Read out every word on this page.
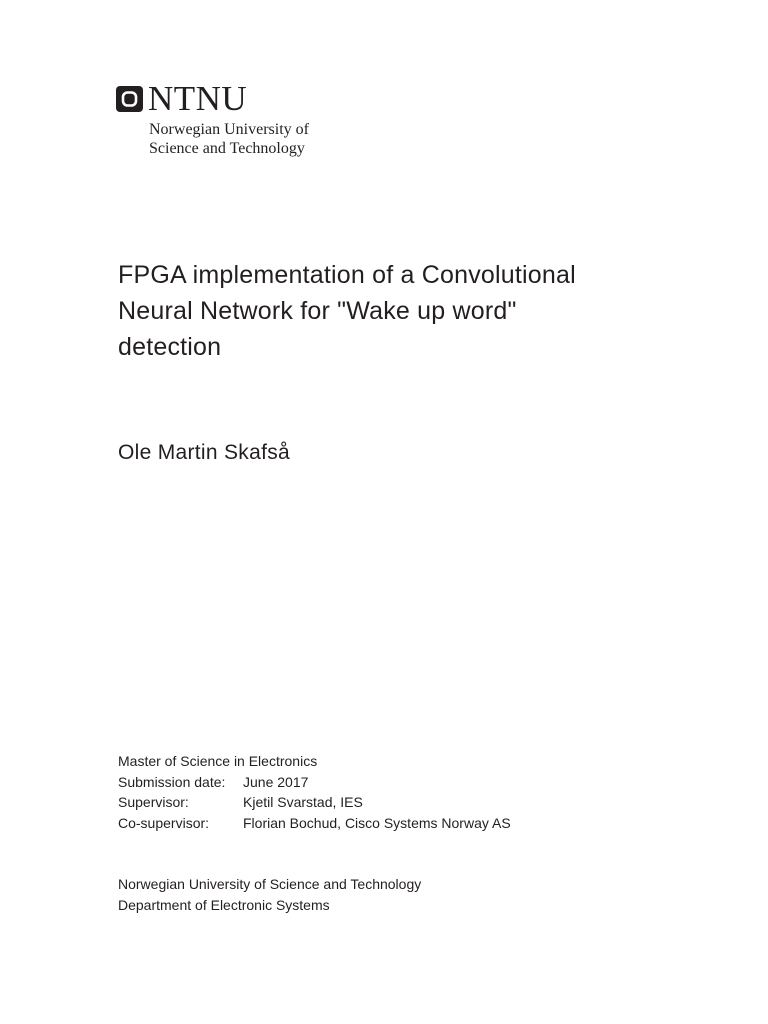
NTNU
Norwegian University of
Science and Technology
FPGA implementation of a Convolutional
Neural Network for "Wake up word"
detection
Ole Martin Skafså
Master of Science in Electronics
Submission date: June 2017
Supervisor:	Kjetil Svarstad, IES
Co-supervisor: Florian Bochud, Cisco Systems Norway AS
Norwegian University of Science and Technology
Department of Electronic Systems
